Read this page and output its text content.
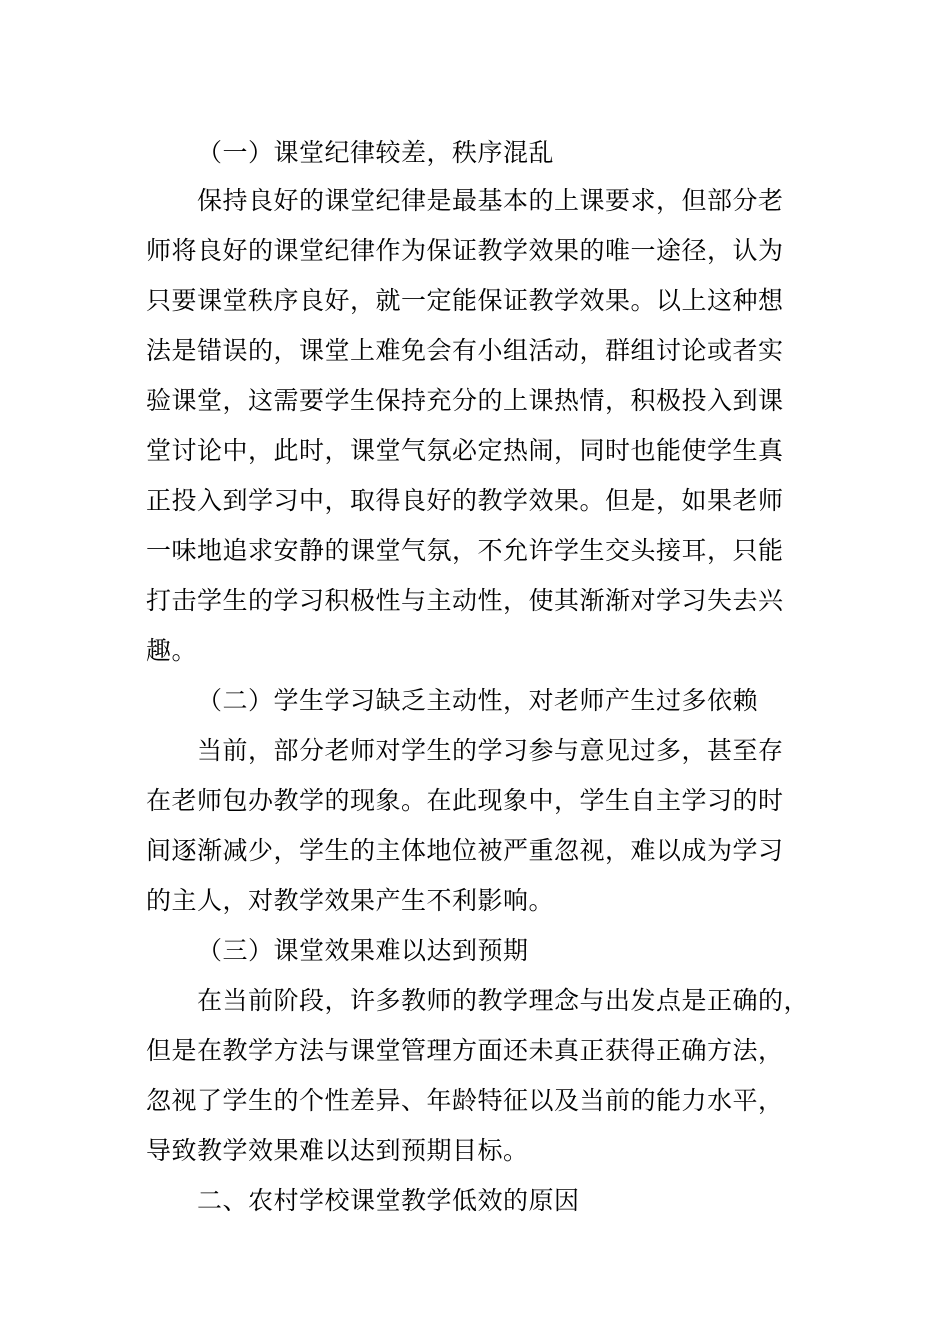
（一）课堂纪律较差，秩序混乱
保持良好的课堂纪律是最基本的上课要求，但部分老
师将良好的课堂纪律作为保证教学效果的唯一途径，认为
只要课堂秩序良好，就一定能保证教学效果。以上这种想
法是错误的，课堂上难免会有小组活动，群组讨论或者实
验课堂，这需要学生保持充分的上课热情，积极投入到课
堂讨论中，此时，课堂气氛必定热闹，同时也能使学生真
正投入到学习中，取得良好的教学效果。但是，如果老师
一味地追求安静的课堂气氛，不允许学生交头接耳，只能
打击学生的学习积极性与主动性，使其渐渐对学习失去兴
趣。
（二）学生学习缺乏主动性，对老师产生过多依赖
当前，部分老师对学生的学习参与意见过多，甚至存
在老师包办教学的现象。在此现象中，学生自主学习的时
间逐渐减少，学生的主体地位被严重忽视，难以成为学习
的主人，对教学效果产生不利影响。
（三）课堂效果难以达到预期
在当前阶段，许多教师的教学理念与出发点是正确的，
但是在教学方法与课堂管理方面还未真正获得正确方法，
忽视了学生的个性差异、年龄特征以及当前的能力水平，
导致教学效果难以达到预期目标。
二、农村学校课堂教学低效的原因
